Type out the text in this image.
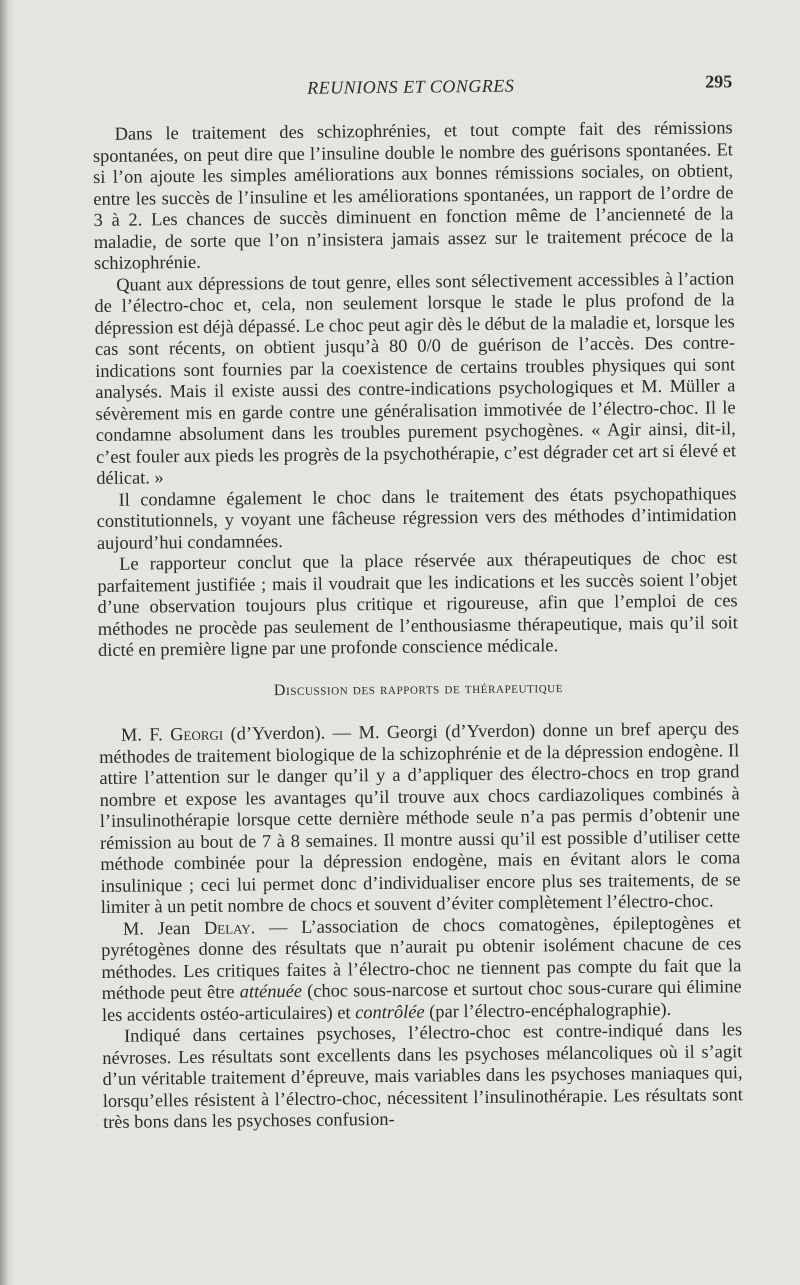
REUNIONS ET CONGRES	295

Dans le traitement des schizophrénies, et tout compte fait des rémissions spontanées, on peut dire que l’insuline double le nombre des guérisons spontanées. Et si l’on ajoute les simples améliorations aux bonnes rémissions sociales, on obtient, entre les succès de l’insuline et les améliorations spontanées, un rapport de l’ordre de 3 à 2. Les chances de succès diminuent en fonction même de l’ancienneté de la maladie, de sorte que l’on n’insistera jamais assez sur le traitement précoce de la schizophrénie.

Quant aux dépressions de tout genre, elles sont sélectivement accessibles à l’action de l’électro-choc et, cela, non seulement lorsque le stade le plus profond de la dépression est déjà dépassé. Le choc peut agir dès le début de la maladie et, lorsque les cas sont récents, on obtient jusqu’à 80 0/0 de guérison de l’accès. Des contre-indications sont fournies par la coexistence de certains troubles physiques qui sont analysés. Mais il existe aussi des contre-indications psychologiques et M. Müller a sévèrement mis en garde contre une généralisation immotivée de l’électro-choc. Il le condamne absolument dans les troubles purement psychogènes. « Agir ainsi, dit-il, c’est fouler aux pieds les progrès de la psychothérapie, c’est dégrader cet art si élevé et délicat. »

Il condamne également le choc dans le traitement des états psychopathiques constitutionnels, y voyant une fâcheuse régression vers des méthodes d’intimidation aujourd’hui condamnées.

Le rapporteur conclut que la place réservée aux thérapeutiques de choc est parfaitement justifiée ; mais il voudrait que les indications et les succès soient l’objet d’une observation toujours plus critique et rigoureuse, afin que l’emploi de ces méthodes ne procède pas seulement de l’enthousiasme thérapeutique, mais qu’il soit dicté en première ligne par une profonde conscience médicale.

Discussion des rapports de thérapeutique

M. F. Georgi (d’Yverdon). — M. Georgi (d’Yverdon) donne un bref aperçu des méthodes de traitement biologique de la schizophrénie et de la dépression endogène. Il attire l’attention sur le danger qu’il y a d’appliquer des électro-chocs en trop grand nombre et expose les avantages qu’il trouve aux chocs cardiazoliques combinés à l’insulinothérapie lorsque cette dernière méthode seule n’a pas permis d’obtenir une rémission au bout de 7 à 8 semaines. Il montre aussi qu’il est possible d’utiliser cette méthode combinée pour la dépression endogène, mais en évitant alors le coma insulinique ; ceci lui permet donc d’individualiser encore plus ses traitements, de se limiter à un petit nombre de chocs et souvent d’éviter complètement l’électro-choc.

M. Jean Delay. — L’association de chocs comatogènes, épileptogènes et pyrétogènes donne des résultats que n’aurait pu obtenir isolément chacune de ces méthodes. Les critiques faites à l’électro-choc ne tiennent pas compte du fait que la méthode peut être atténuée (choc sous-narcose et surtout choc sous-curare qui élimine les accidents ostéo-articulaires) et contrôlée (par l’électro-encéphalographie).

Indiqué dans certaines psychoses, l’électro-choc est contre-indiqué dans les névroses. Les résultats sont excellents dans les psychoses mélancoliques où il s’agit d’un véritable traitement d’épreuve, mais variables dans les psychoses maniaques qui, lorsqu’elles résistent à l’électro-choc, nécessitent l’insulinothérapie. Les résultats sont très bons dans les psychoses confusion-
